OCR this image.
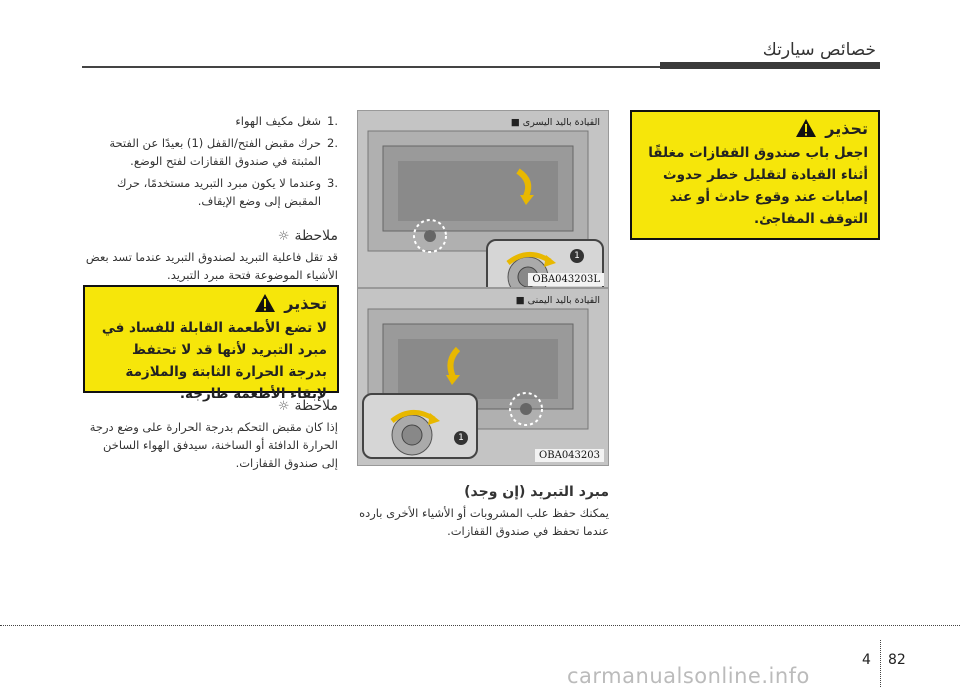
خصائص سيارتك
تحذير
اجعل باب صندوق القفازات مغلقًا أثناء القيادة لتقليل خطر حدوث إصابات عند وقوع حادث أو عند التوقف المفاجئ.
القيادة باليد اليسرى ■
1
OBA043203L
القيادة باليد اليمنى ■
1
OBA043203
.1
شغل مكيف الهواء
.2
حرك مقبض الفتح/القفل (1) بعيدًا عن الفتحة المثبتة في صندوق القفازات لفتح الوضع.
.3
وعندما لا يكون مبرد التبريد مستخدمًا، حرك المقبض إلى وضع الإيقاف.
ملاحظة
☼
قد تقل فاعلية التبريد لصندوق التبريد عندما تسد بعض الأشياء الموضوعة فتحة مبرد التبريد.
تحذير
لا تضع الأطعمة القابلة للفساد في مبرد التبريد لأنها قد لا تحتفظ بدرجة الحرارة الثابتة والملازمة لإبقاء الأطعمة طازجة.
ملاحظة
☼
إذا كان مقبض التحكم بدرجة الحرارة على وضع درجة الحرارة الدافئة أو الساخنة، سيدفق الهواء الساخن إلى صندوق القفازات.
مبرد التبريد (إن وجد)
يمكنك حفظ علب المشروبات أو الأشياء الأخرى بارده عندما تحفظ في صندوق القفازات.
4 82
carmanualsonline.info
